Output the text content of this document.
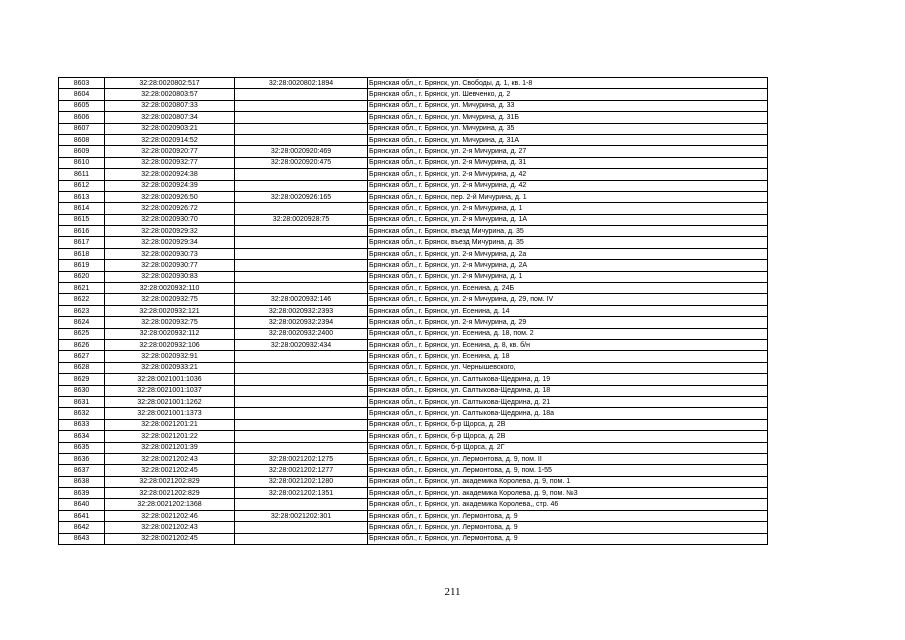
8603	32:28:0020802:517	32:28:0020802:1894	Брянская обл., г. Брянск, ул. Свободы, д. 1, кв. 1-8
8604	32:28:0020803:57		Брянская обл., г. Брянск, ул. Шевченко, д. 2
8605	32:28:0020807:33		Брянская обл., г. Брянск, ул. Мичурина, д. 33
8606	32:28:0020807:34		Брянская обл., г. Брянск, ул. Мичурина, д. 31Б
8607	32:28:0020903:21		Брянская обл., г. Брянск, ул. Мичурина, д. 35
8608	32:28:0020914:52		Брянская обл., г. Брянск, ул. Мичурина, д. 31А
8609	32:28:0020920:77	32:28:0020920:469	Брянская обл., г. Брянск, ул. 2-я Мичурина, д. 27
8610	32:28:0020932:77	32:28:0020920:475	Брянская обл., г. Брянск, ул. 2-я Мичурина, д. 31
8611	32:28:0020924:38		Брянская обл., г. Брянск, ул. 2-я Мичурина, д. 42
8612	32:28:0020924:39		Брянская обл., г. Брянск, ул. 2-я Мичурина, д. 42
8613	32:28:0020926:50	32:28:0020926:165	Брянская обл., г. Брянск, пер. 2-й Мичурина, д. 1
8614	32:28:0020926:72		Брянская обл., г. Брянск, ул. 2-я Мичурина, д. 1
8615	32:28:0020930:70	32:28:0020928:75	Брянская обл., г. Брянск, ул. 2-я Мичурина, д. 1А
8616	32:28:0020929:32		Брянская обл., г. Брянск, въезд Мичурина, д. 35
8617	32:28:0020929:34		Брянская обл., г. Брянск, въезд Мичурина, д. 35
8618	32:28:0020930:73		Брянская обл., г. Брянск, ул. 2-я Мичурина, д. 2а
8619	32:28:0020930:77		Брянская обл., г. Брянск, ул. 2-я Мичурина, д. 2А
8620	32:28:0020930:83		Брянская обл., г. Брянск, ул. 2-я Мичурина, д. 1
8621	32:28:0020932:110		Брянская обл., г. Брянск, ул. Есенина, д. 24Б
8622	32:28:0020932:75	32:28:0020932:146	Брянская обл., г. Брянск, ул. 2-я Мичурина, д. 29, пом. IV
8623	32:28:0020932:121	32:28:0020932:2393	Брянская обл., г. Брянск, ул. Есенина, д. 14
8624	32:28:0020932:75	32:28:0020932:2394	Брянская обл., г. Брянск, ул. 2-я Мичурина, д. 29
8625	32:28:0020932:112	32:28:0020932:2400	Брянская обл., г. Брянск, ул. Есенина, д. 18, пом. 2
8626	32:28:0020932:106	32:28:0020932:434	Брянская обл., г. Брянск, ул. Есенина, д. 8, кв. б/н
8627	32:28:0020932:91		Брянская обл., г. Брянск, ул. Есенина, д. 18
8628	32:28:0020933:21		Брянская обл., г. Брянск, ул. Чернышевского,
8629	32:28:0021001:1036		Брянская обл., г. Брянск, ул. Салтыкова-Щедрина, д. 19
8630	32:28:0021001:1037		Брянская обл., г. Брянск, ул. Салтыкова-Щедрина, д. 18
8631	32:28:0021001:1262		Брянская обл., г. Брянск, ул. Салтыкова-Щедрина, д. 21
8632	32:28:0021001:1373		Брянская обл., г. Брянск, ул. Салтыкова-Щедрина, д. 18а
8633	32:28:0021201:21		Брянская обл., г. Брянск, б-р Щорса, д. 2В
8634	32:28:0021201:22		Брянская обл., г. Брянск, б-р Щорса, д. 2В
8635	32:28:0021201:39		Брянская обл., г. Брянск, б-р Щорса, д. 2Г
8636	32:28:0021202:43	32:28:0021202:1275	Брянская обл., г. Брянск, ул. Лермонтова, д. 9, пом. II
8637	32:28:0021202:45	32:28:0021202:1277	Брянская обл., г. Брянск, ул. Лермонтова, д. 9, пом. 1-55
8638	32:28:0021202:829	32:28:0021202:1280	Брянская обл., г. Брянск, ул. академика Королева, д. 9, пом. 1
8639	32:28:0021202:829	32:28:0021202:1351	Брянская обл., г. Брянск, ул. академика Королева, д. 9, пом. №3
8640	32:28:0021202:1368		Брянская обл., г. Брянск, ул. академика Королева,, стр. 46
8641	32:28:0021202:46	32:28:0021202:301	Брянская обл., г. Брянск, ул. Лермонтова, д. 9
8642	32:28:0021202:43		Брянская обл., г. Брянск, ул. Лермонтова, д. 9
8643	32:28:0021202:45		Брянская обл., г. Брянск, ул. Лермонтова, д. 9
211
